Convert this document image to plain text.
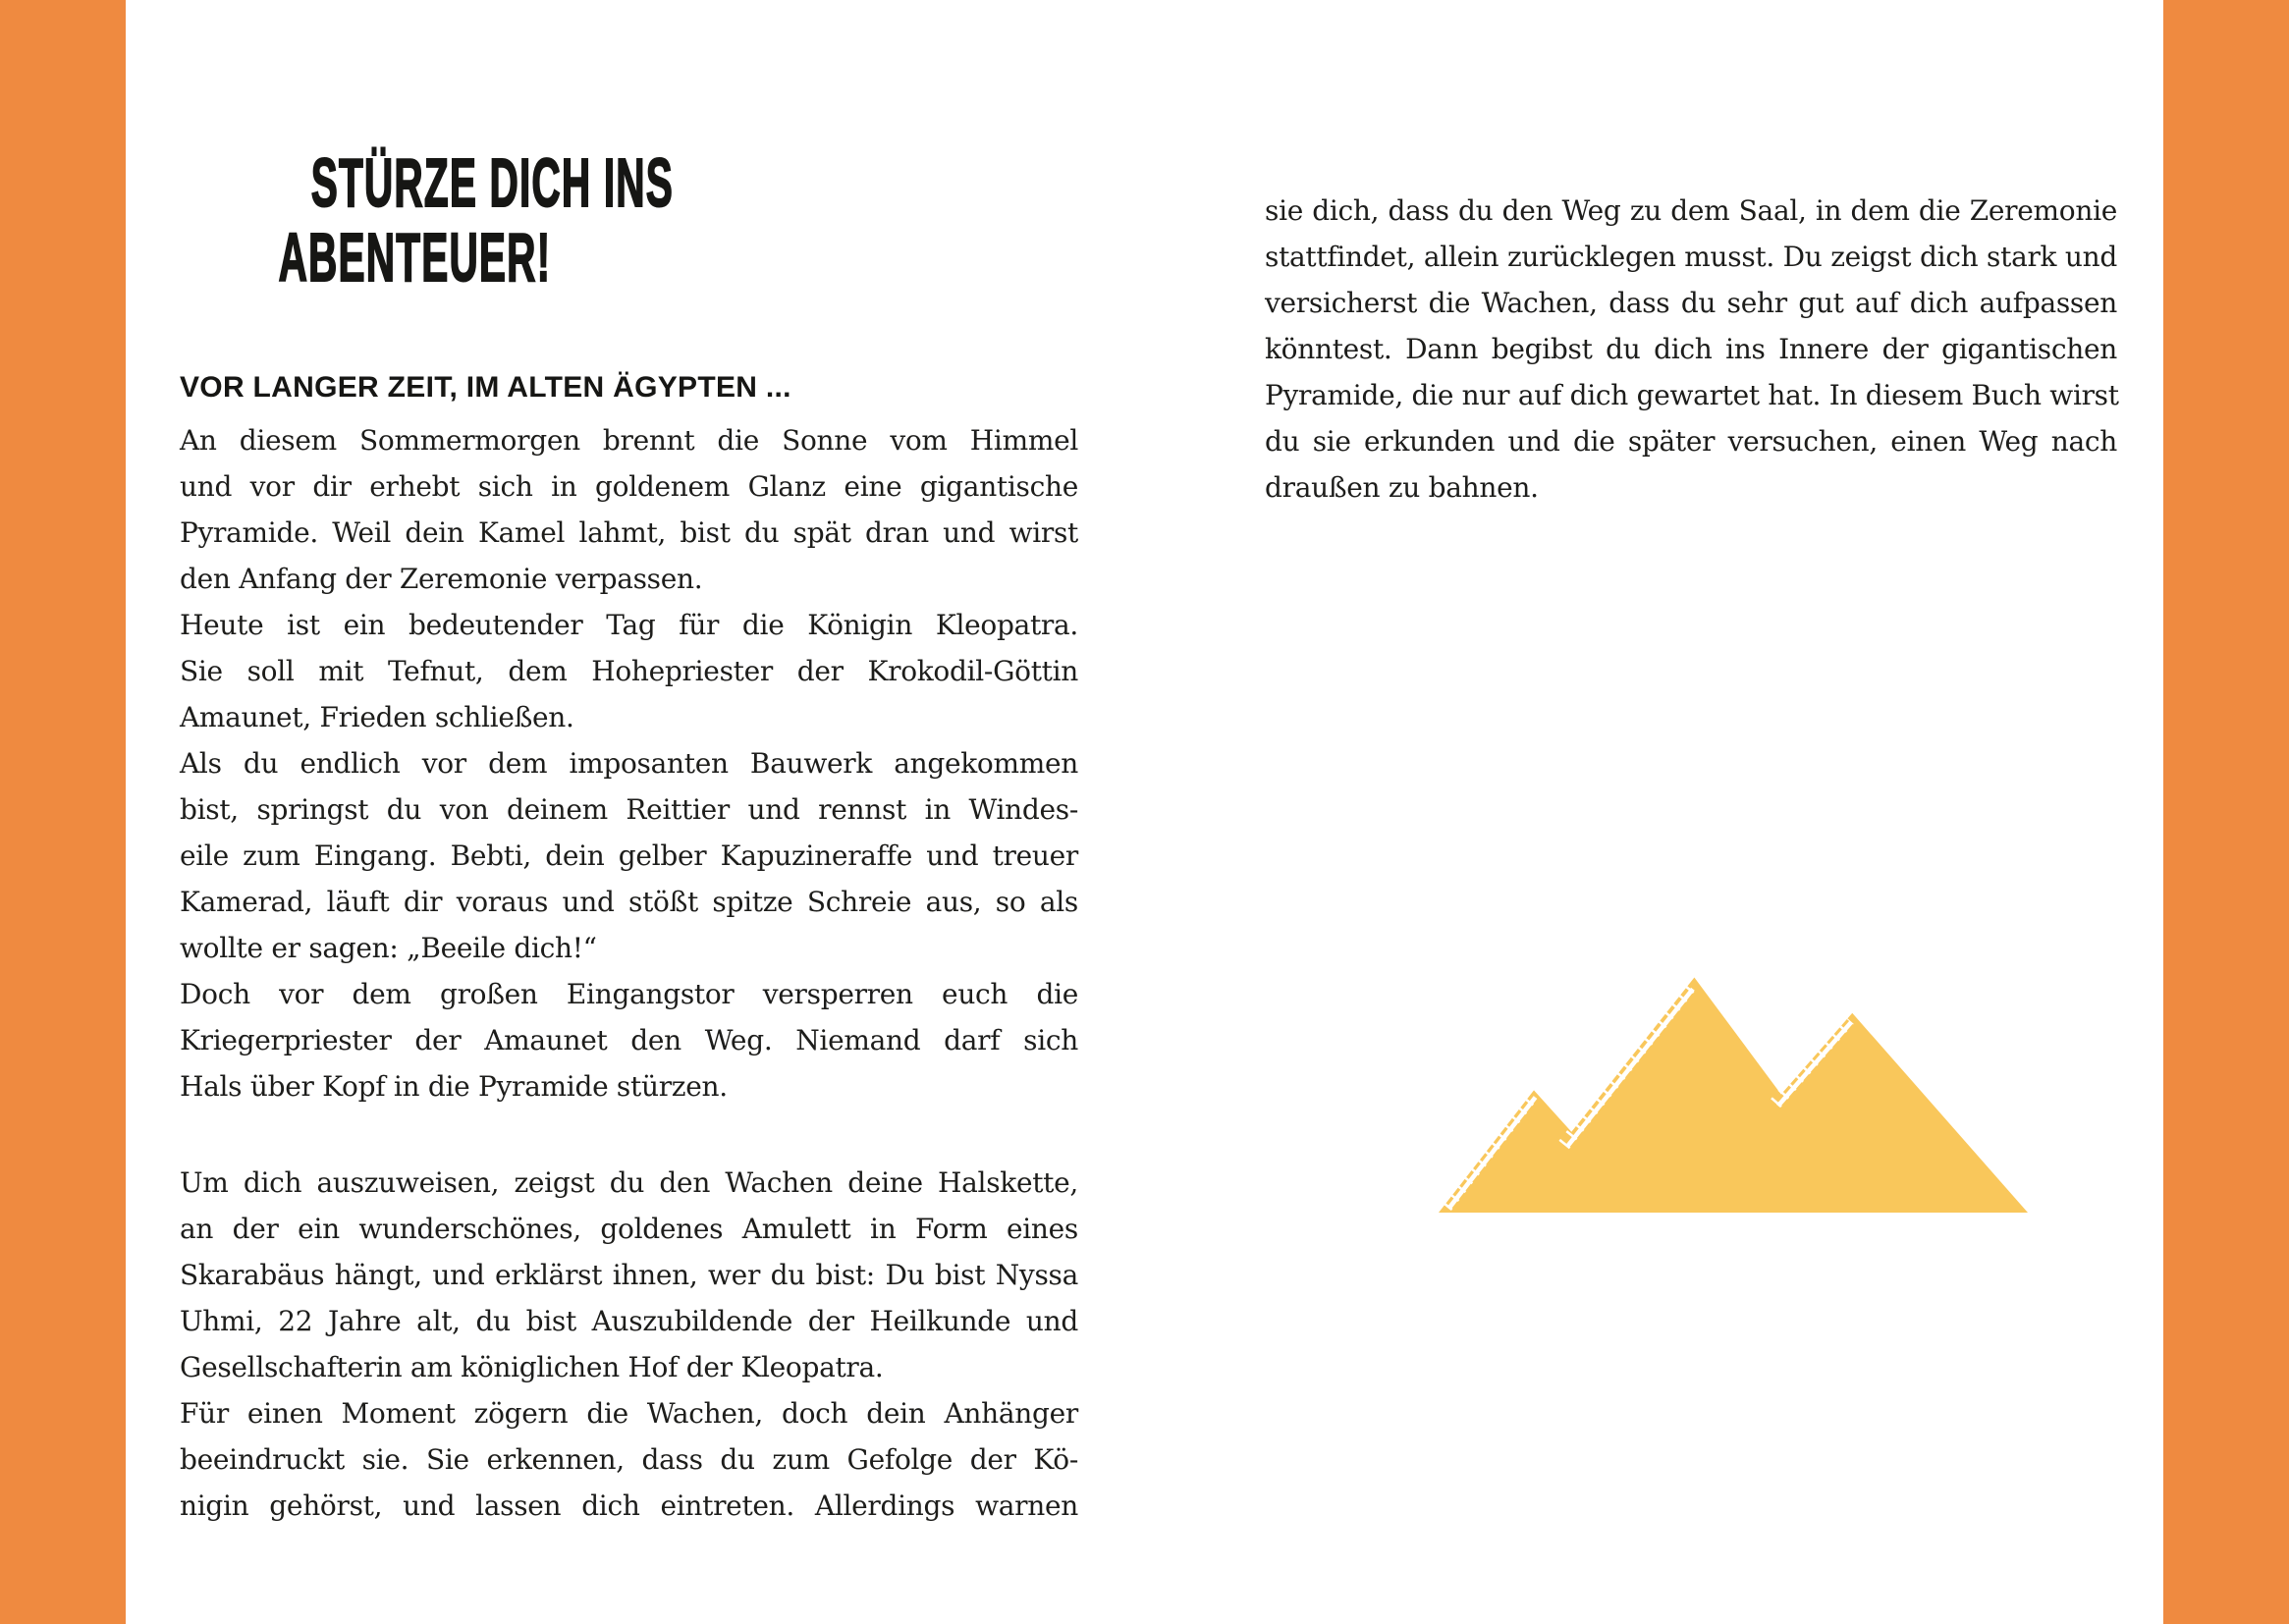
STÜRZE DICH INS
ABENTEUER!
VOR LANGER ZEIT, IM ALTEN ÄGYPTEN ...
An diesem Sommermorgen brennt die Sonne vom Himmel
und vor dir erhebt sich in goldenem Glanz eine gigantische
Pyramide. Weil dein Kamel lahmt, bist du spät dran und wirst
den Anfang der Zeremonie verpassen.
Heute ist ein bedeutender Tag für die Königin Kleopatra.
Sie soll mit Tefnut, dem Hohepriester der Krokodil-Göttin
Amaunet, Frieden schließen.
Als du endlich vor dem imposanten Bauwerk angekommen
bist, springst du von deinem Reittier und rennst in Windes-
eile zum Eingang. Bebti, dein gelber Kapuzineraffe und treuer
Kamerad, läuft dir voraus und stößt spitze Schreie aus, so als
wollte er sagen: „Beeile dich!“
Doch vor dem großen Eingangstor versperren euch die
Kriegerpriester der Amaunet den Weg. Niemand darf sich
Hals über Kopf in die Pyramide stürzen.
Um dich auszuweisen, zeigst du den Wachen deine Halskette,
an der ein wunderschönes, goldenes Amulett in Form eines
Skarabäus hängt, und erklärst ihnen, wer du bist: Du bist Nyssa
Uhmi, 22 Jahre alt, du bist Auszubildende der Heilkunde und
Gesellschafterin am königlichen Hof der Kleopatra.
Für einen Moment zögern die Wachen, doch dein Anhänger
beeindruckt sie. Sie erkennen, dass du zum Gefolge der Kö-
nigin gehörst, und lassen dich eintreten. Allerdings warnen
sie dich, dass du den Weg zu dem Saal, in dem die Zeremonie
stattfindet, allein zurücklegen musst. Du zeigst dich stark und
versicherst die Wachen, dass du sehr gut auf dich aufpassen
könntest. Dann begibst du dich ins Innere der gigantischen
Pyramide, die nur auf dich gewartet hat. In diesem Buch wirst
du sie erkunden und die später versuchen, einen Weg nach
draußen zu bahnen.
